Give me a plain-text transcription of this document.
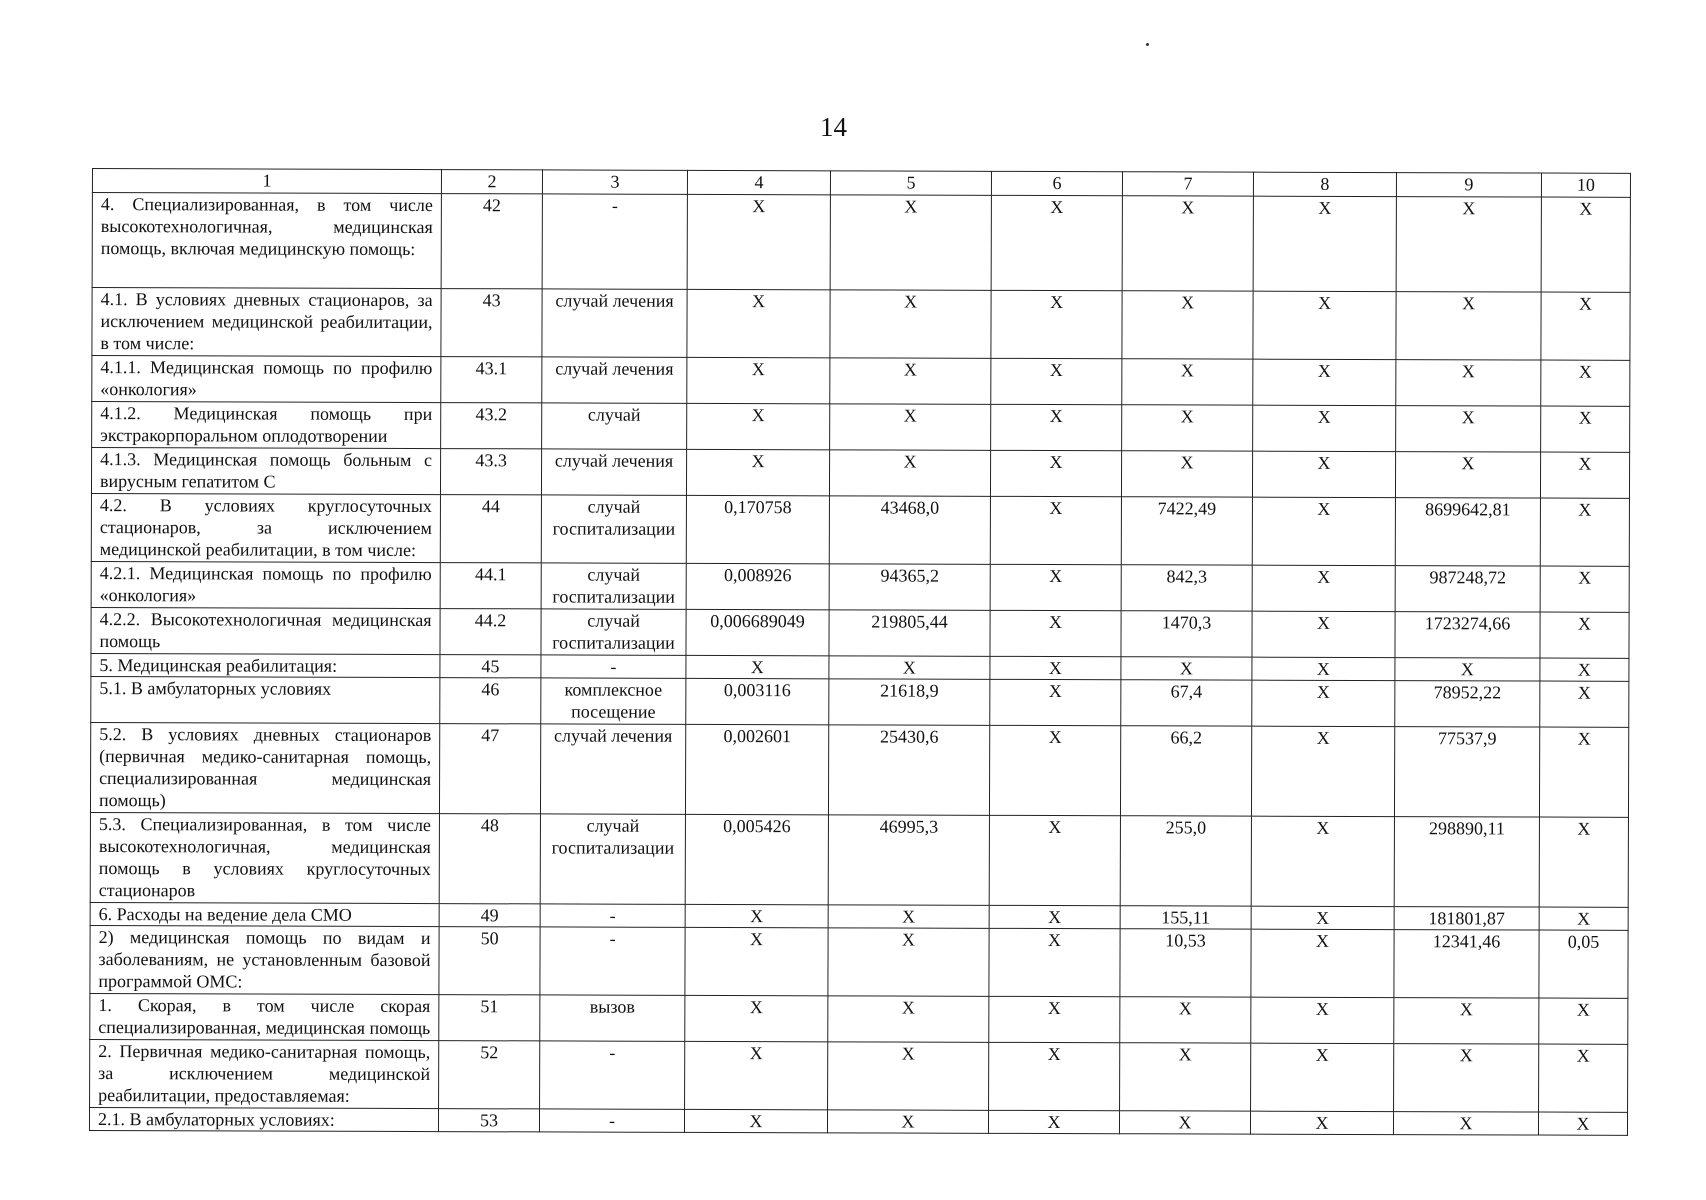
14
1	2	3	4	5	6	7	8	9	10
4. Специализированная, в том числе высокотехнологичная, медицинская помощь, включая медицинскую помощь:	42	-	X	X	X	X	X	X	X
4.1. В условиях дневных стационаров, за исключением медицинской реабилитации, в том числе:	43	случай лечения	X	X	X	X	X	X	X
4.1.1. Медицинская помощь по профилю «онкология»	43.1	случай лечения	X	X	X	X	X	X	X
4.1.2. Медицинская помощь при экстракорпоральном оплодотворении	43.2	случай	X	X	X	X	X	X	X
4.1.3. Медицинская помощь больным с вирусным гепатитом С	43.3	случай лечения	X	X	X	X	X	X	X
4.2. В условиях круглосуточных стационаров, за исключением медицинской реабилитации, в том числе:	44	случай госпитализации	0,170758	43468,0	X	7422,49	X	8699642,81	X
4.2.1. Медицинская помощь по профилю «онкология»	44.1	случай госпитализации	0,008926	94365,2	X	842,3	X	987248,72	X
4.2.2. Высокотехнологичная медицинская помощь	44.2	случай госпитализации	0,006689049	219805,44	X	1470,3	X	1723274,66	X
5. Медицинская реабилитация:	45	-	X	X	X	X	X	X	X
5.1. В амбулаторных условиях	46	комплексное посещение	0,003116	21618,9	X	67,4	X	78952,22	X
5.2. В условиях дневных стационаров (первичная медико-санитарная помощь, специализированная медицинская помощь)	47	случай лечения	0,002601	25430,6	X	66,2	X	77537,9	X
5.3. Специализированная, в том числе высокотехнологичная, медицинская помощь в условиях круглосуточных стационаров	48	случай госпитализации	0,005426	46995,3	X	255,0	X	298890,11	X
6. Расходы на ведение дела СМО	49	-	X	X	X	155,11	X	181801,87	X
2) медицинская помощь по видам и заболеваниям, не установленным базовой программой ОМС:	50	-	X	X	X	10,53	X	12341,46	0,05
1. Скорая, в том числе скорая специализированная, медицинская помощь	51	вызов	X	X	X	X	X	X	X
2. Первичная медико-санитарная помощь, за исключением медицинской реабилитации, предоставляемая:	52	-	X	X	X	X	X	X	X
2.1. В амбулаторных условиях:	53	-	X	X	X	X	X	X	X
